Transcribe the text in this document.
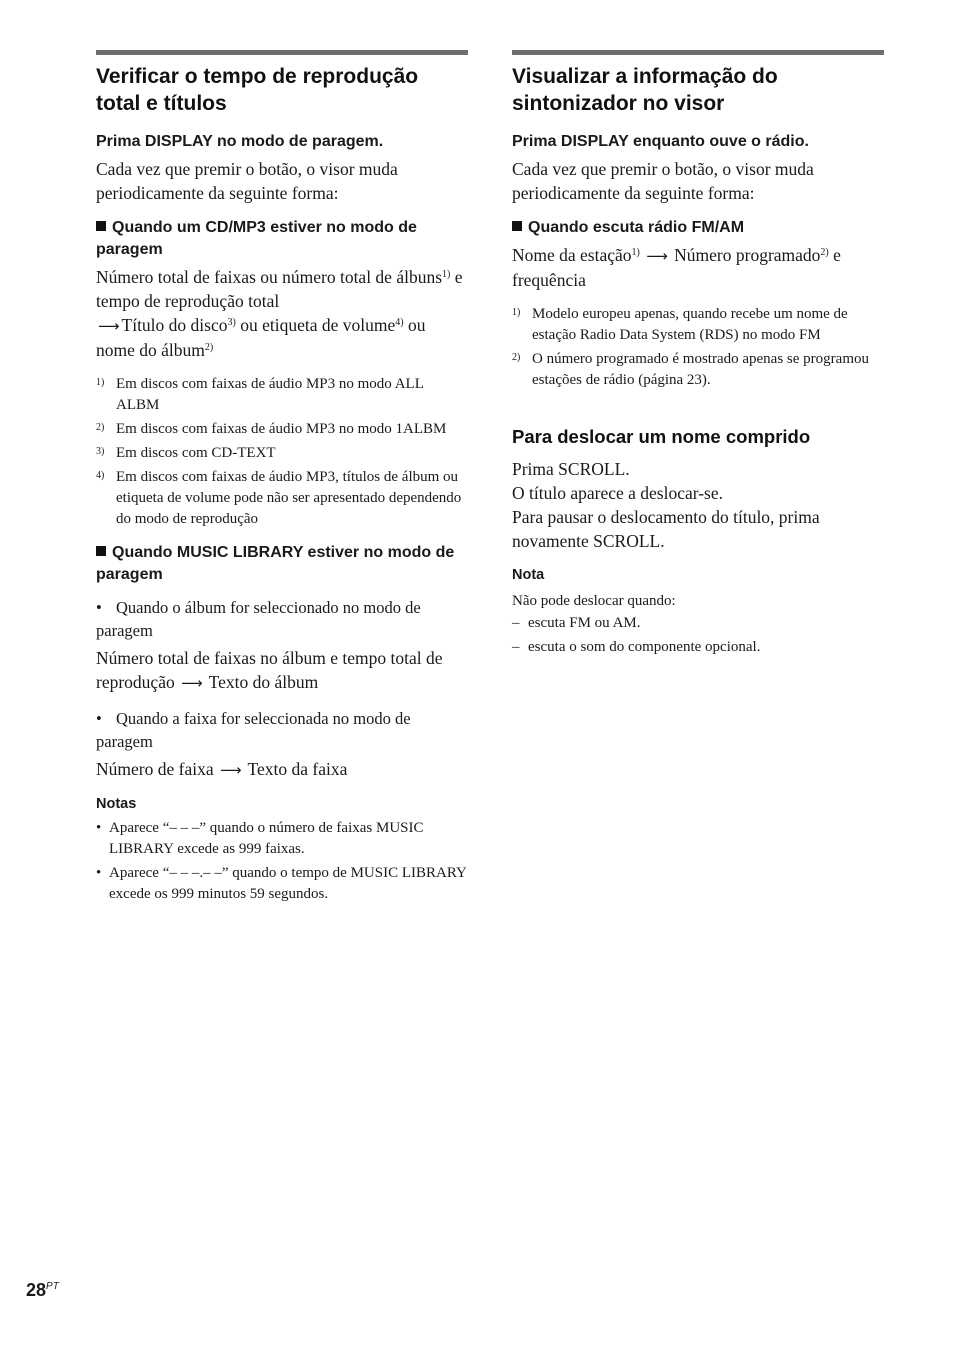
Verificar o tempo de reprodução total e títulos
Prima DISPLAY no modo de paragem.

Cada vez que premir o botão, o visor muda periodicamente da seguinte forma:

Quando um CD/MP3 estiver no modo de paragem

Número total de faixas ou número total de álbuns$^{1)}$ e tempo de reprodução total
⟶ Título do disco$^{3)}$ ou etiqueta de volume$^{4)}$ ou nome do álbum$^{2)}$

1) Em discos com faixas de áudio MP3 no modo ALL ALBM
2) Em discos com faixas de áudio MP3 no modo 1ALBM
3) Em discos com CD-TEXT
4) Em discos com faixas de áudio MP3, títulos de álbum ou etiqueta de volume pode não ser apresentado dependendo do modo de reprodução
Quando MUSIC LIBRARY estiver no modo de paragem
• Quando o álbum for seleccionado no modo de paragem

Número total de faixas no álbum e tempo total de reprodução ⟶ Texto do álbum

• Quando a faixa for seleccionada no modo de paragem

Número de faixa ⟶ Texto da faixa

Notas
• Aparece “– – –” quando o número de faixas MUSIC LIBRARY excede as 999 faixas.
• Aparece “– – –.– –” quando o tempo de MUSIC LIBRARY excede os 999 minutos 59 segundos.
Visualizar a informação do sintonizador no visor
Prima DISPLAY enquanto ouve o rádio.

Cada vez que premir o botão, o visor muda periodicamente da seguinte forma:

Quando escuta rádio FM/AM

Nome da estação$^{1)}$ ⟶ Número programado$^{2)}$ e frequência

1) Modelo europeu apenas, quando recebe um nome de estação Radio Data System (RDS) no modo FM
2) O número programado é mostrado apenas se programou estações de rádio (página 23).
Para deslocar um nome comprido

Prima SCROLL.
O título aparece a deslocar-se.
Para pausar o deslocamento do título, prima novamente SCROLL.

Nota

Não pode deslocar quando:

– escuta FM ou AM.
– escuta o som do componente opcional.
$28^{PT}$
